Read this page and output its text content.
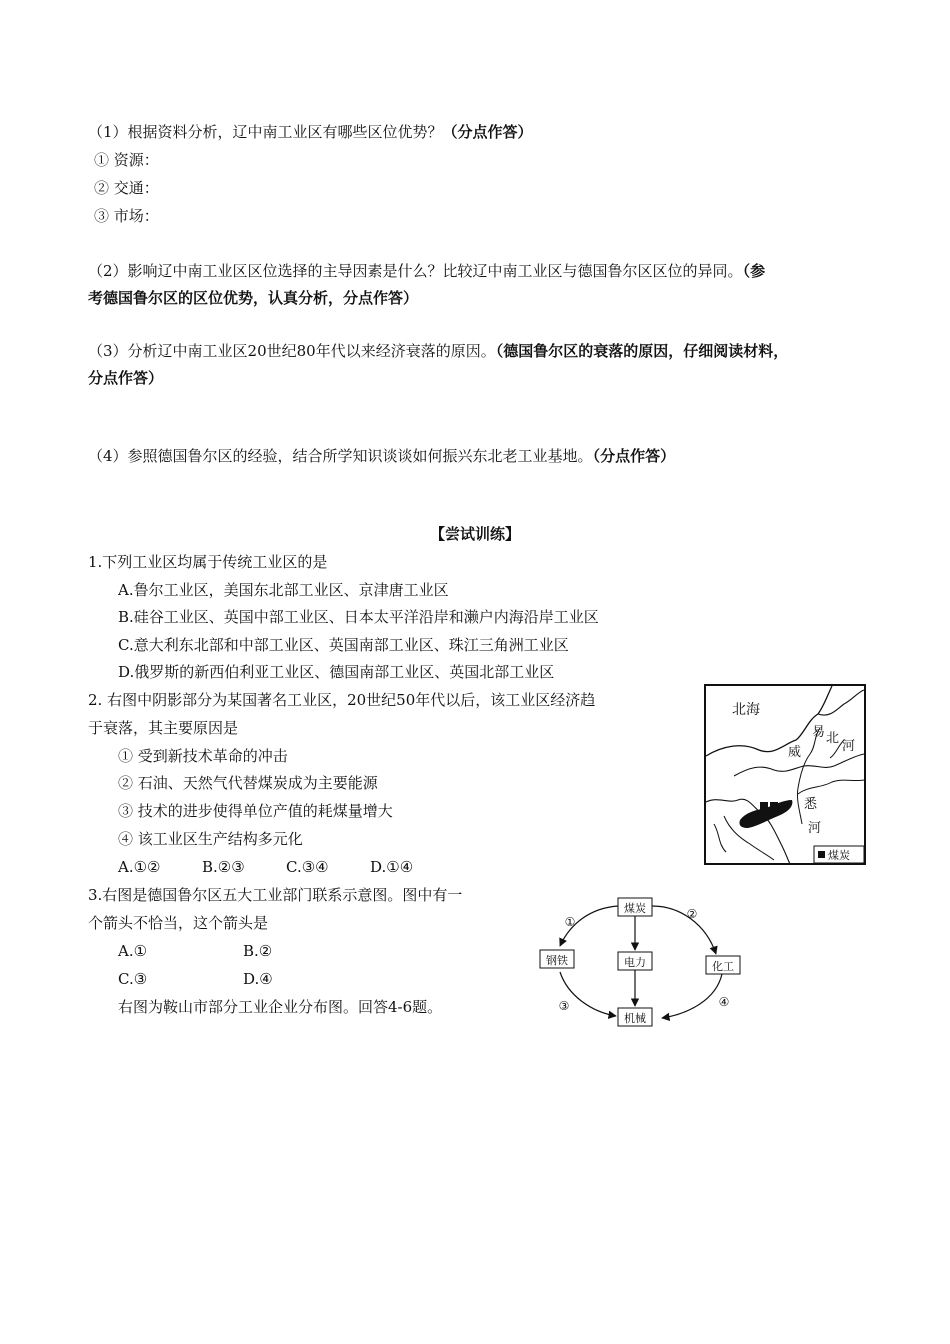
（1）根据资料分析，辽中南工业区有哪些区位优势？（分点作答）
① 资源：
② 交通：
③ 市场：
（2）影响辽中南工业区区位选择的主导因素是什么？比较辽中南工业区与德国鲁尔区区位的异同。（参
考德国鲁尔区的区位优势，认真分析，分点作答）
（3）分析辽中南工业区20世纪80年代以来经济衰落的原因。（德国鲁尔区的衰落的原因，仔细阅读材料，
分点作答）
（4）参照德国鲁尔区的经验，结合所学知识谈谈如何振兴东北老工业基地。（分点作答）
【尝试训练】
1.下列工业区均属于传统工业区的是
A.鲁尔工业区，美国东北部工业区、京津唐工业区
B.硅谷工业区、英国中部工业区、日本太平洋沿岸和濑户内海沿岸工业区
C.意大利东北部和中部工业区、英国南部工业区、珠江三角洲工业区
D.俄罗斯的新西伯利亚工业区、德国南部工业区、英国北部工业区
2. 右图中阴影部分为某国著名工业区，20世纪50年代以后，该工业区经济趋
于衰落，其主要原因是
① 受到新技术革命的冲击
② 石油、天然气代替煤炭成为主要能源
③ 技术的进步使得单位产值的耗煤量增大
④ 该工业区生产结构多元化
A.①②	B.②③	C.③④	D.①④
北海
易 北
河
威
悉
河
煤炭
3.右图是德国鲁尔区五大工业部门联系示意图。图中有一
个箭头不恰当，这个箭头是
A.①	B.②
C.③	D.④
右图为鞍山市部分工业企业分布图。回答4-6题。
煤炭
钢铁	电力	化工
机械
①
②
③	④
